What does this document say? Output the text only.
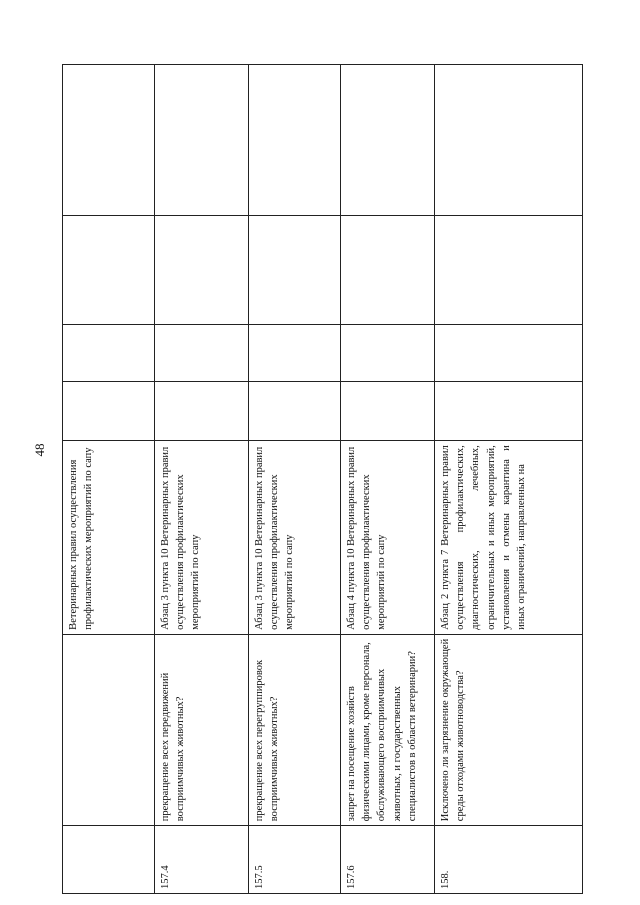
48
		Ветеринарных правил осуществления профилактических мероприятий по сапу				
157.4	прекращение всех передвижений восприимчивых животных?	Абзац 3 пункта 10 Ветеринарных правил осуществления профилактических мероприятий по сапу				
157.5	прекращение всех перегруппировок восприимчивых животных?	Абзац 3 пункта 10 Ветеринарных правил осуществления профилактических мероприятий по сапу				
157.6	запрет на посещение хозяйств физическими лицами, кроме персонала, обслуживающего восприимчивых животных, и государственных специалистов в области ветеринарии?	Абзац 4 пункта 10 Ветеринарных правил осуществления профилактических мероприятий по сапу				
158.	Исключено ли загрязнение окружающей среды отходами животноводства?	Абзац 2 пункта 7 Ветеринарных правил осуществления профилактических, диагностических, лечебных, ограничительных и иных мероприятий, установления и отмены карантина и иных ограничений, направленных на				
